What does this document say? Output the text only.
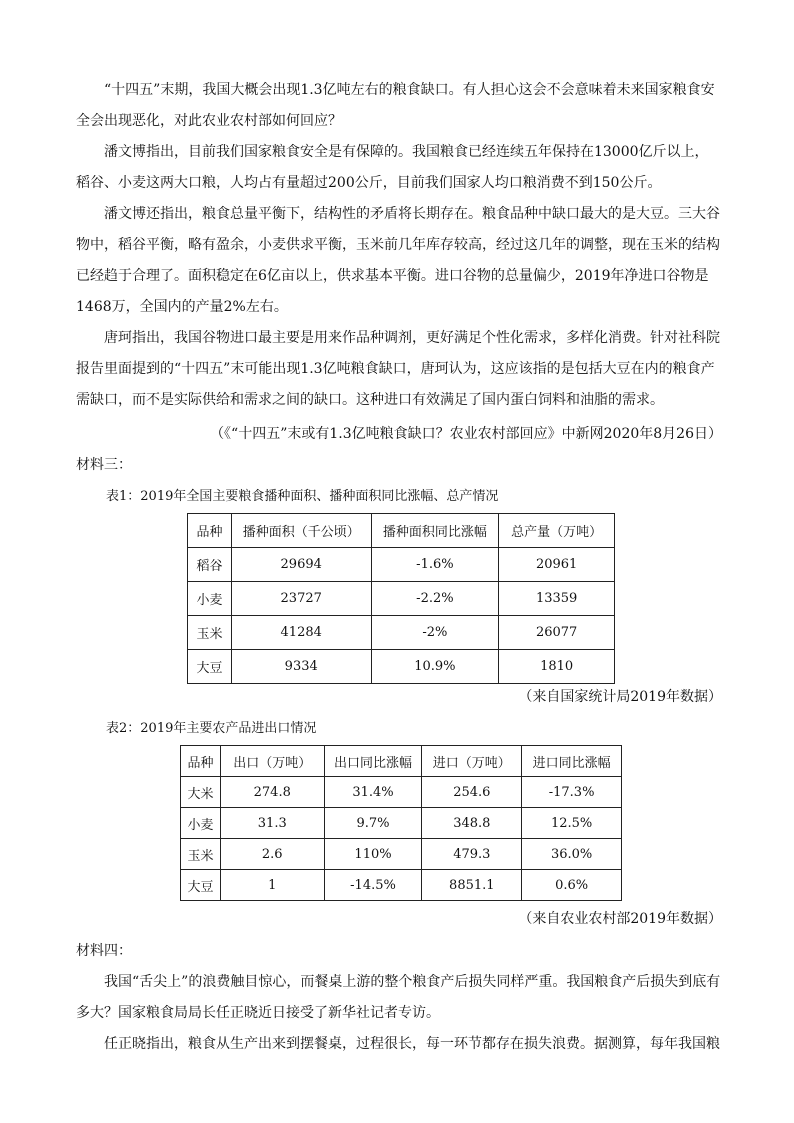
“十四五”末期，我国大概会出现1.3亿吨左右的粮食缺口。有人担心这会不会意味着未来国家粮食安全会出现恶化，对此农业农村部如何回应？

潘文博指出，目前我们国家粮食安全是有保障的。我国粮食已经连续五年保持在13000亿斤以上，稻谷、小麦这两大口粮，人均占有量超过200公斤，目前我们国家人均口粮消费不到150公斤。

潘文博还指出，粮食总量平衡下，结构性的矛盾将长期存在。粮食品种中缺口最大的是大豆。三大谷物中，稻谷平衡，略有盈余，小麦供求平衡，玉米前几年库存较高，经过这几年的调整，现在玉米的结构已经趋于合理了。面积稳定在6亿亩以上，供求基本平衡。进口谷物的总量偏少，2019年净进口谷物是1468万，全国内的产量2%左右。

唐珂指出，我国谷物进口最主要是用来作品种调剂，更好满足个性化需求，多样化消费。针对社科院报告里面提到的“十四五”末可能出现1.3亿吨粮食缺口，唐珂认为，这应该指的是包括大豆在内的粮食产需缺口，而不是实际供给和需求之间的缺口。这种进口有效满足了国内蛋白饲料和油脂的需求。

（《“十四五”末或有1.3亿吨粮食缺口？农业农村部回应》中新网2020年8月26日）
材料三：
表1：2019年全国主要粮食播种面积、播种面积同比涨幅、总产情况
品种	播种面积（千公顷）	播种面积同比涨幅	总产量（万吨）
稻谷	29694	-1.6%	20961
小麦	23727	-2.2%	13359
玉米	41284	-2%	26077
大豆	9334	10.9%	1810
（来自国家统计局2019年数据）
表2：2019年主要农产品进出口情况
品种	出口（万吨）	出口同比涨幅	进口（万吨）	进口同比涨幅
大米	274.8	31.4%	254.6	-17.3%
小麦	31.3	9.7%	348.8	12.5%
玉米	2.6	110%	479.3	36.0%
大豆	1	-14.5%	8851.1	0.6%
（来自农业农村部2019年数据）
材料四：

我国“舌尖上”的浪费触目惊心，而餐桌上游的整个粮食产后损失同样严重。我国粮食产后损失到底有多大？国家粮食局局长任正晓近日接受了新华社记者专访。

任正晓指出，粮食从生产出来到摆餐桌，过程很长，每一环节都存在损失浪费。据测算，每年我国粮
